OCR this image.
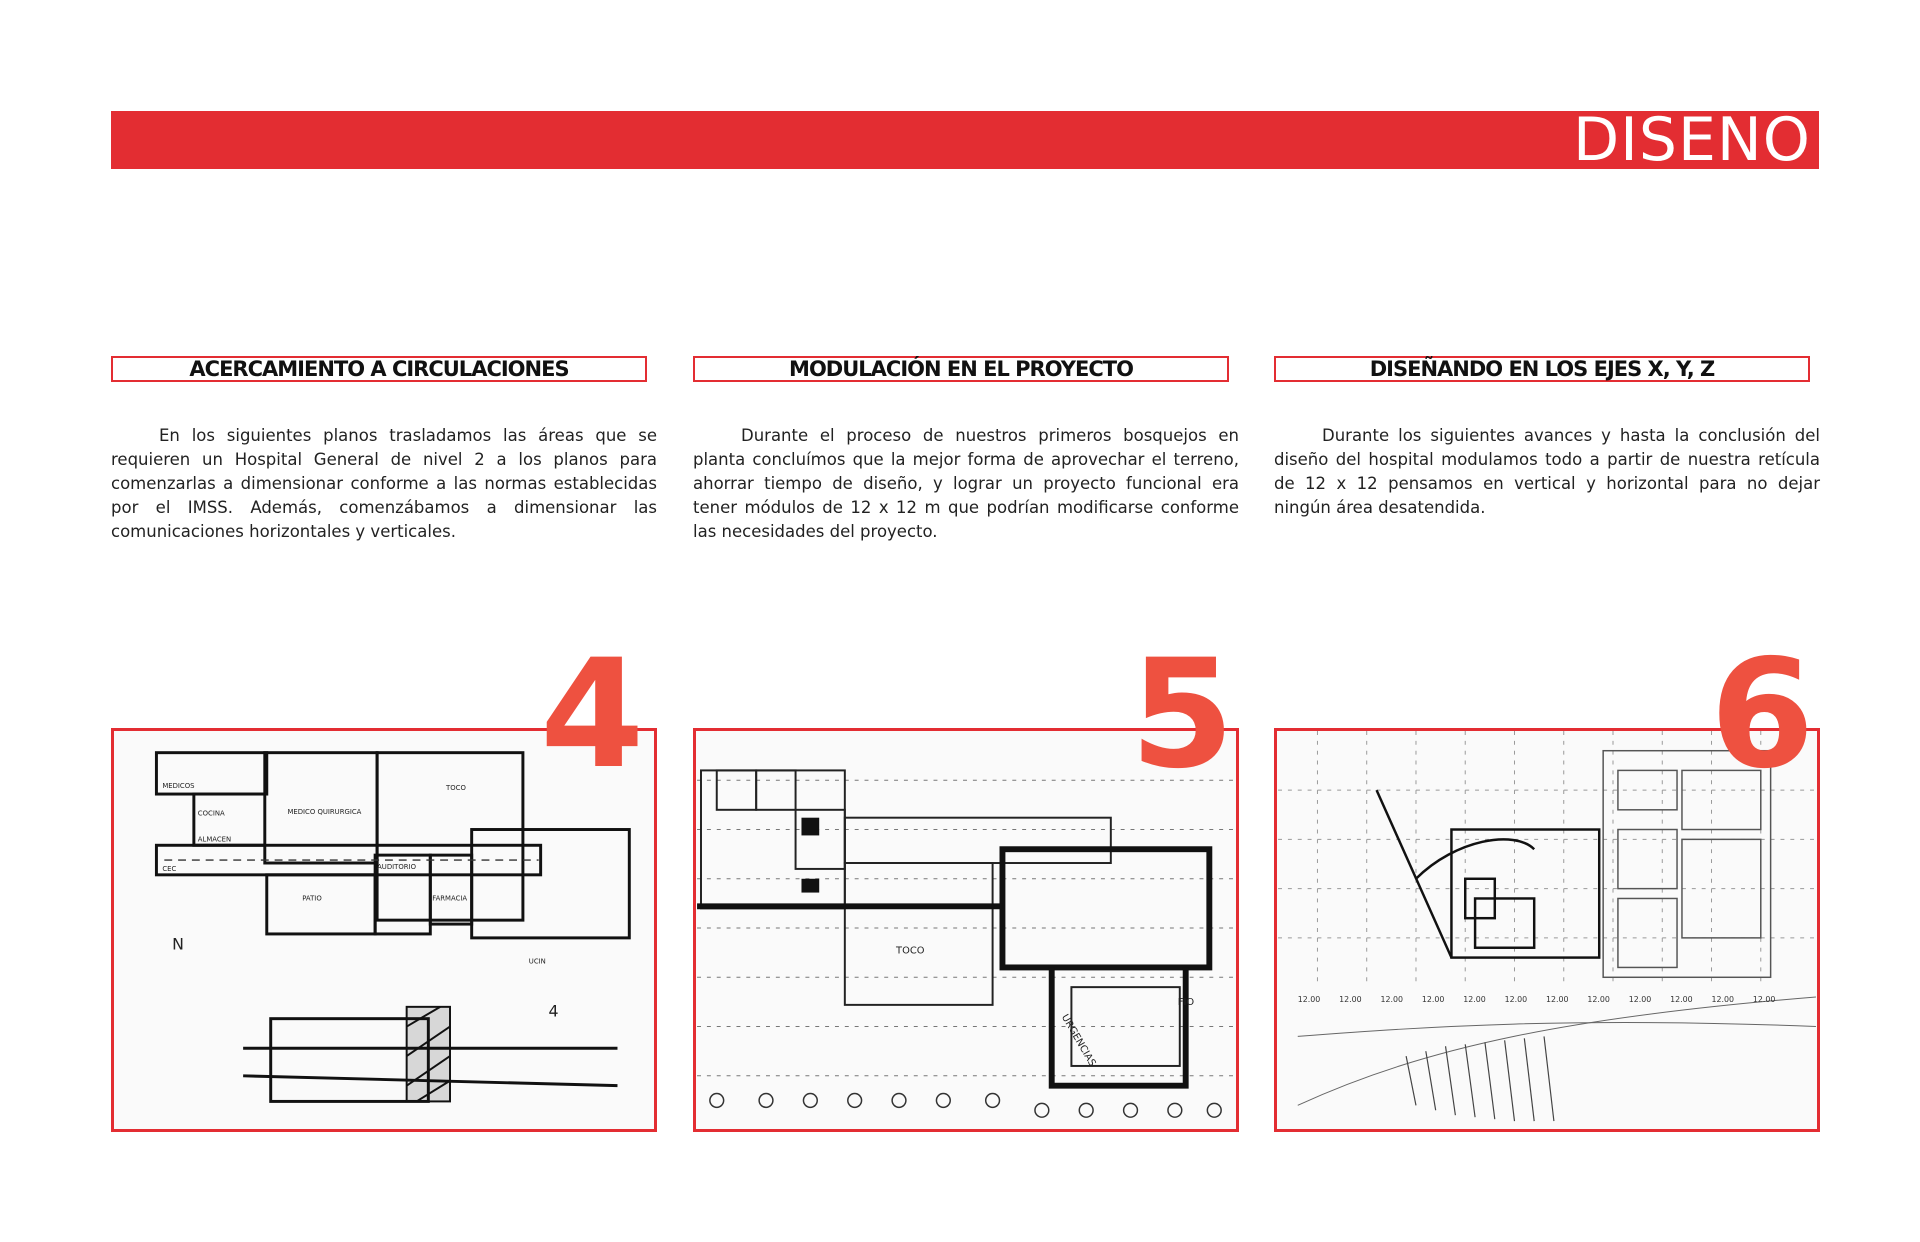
DISEÑO
ACERCAMIENTO A CIRCULACIONES

En los siguientes planos trasladamos las áreas que se requieren un Hospital General de nivel 2 a los planos para comenzarlas a dimensionar conforme a las normas establecidas por el IMSS. Además, comenzábamos a dimensionar las comunicaciones horizontales y verticales.

MEDICOS
MEDICO QUIRURGICA
ALMACEN
COCINA
CEC
PATIO
TOCO
UCIN
AUDITORIO
FARMACIA
N
4
4
MODULACIÓN EN EL PROYECTO

Durante el proceso de nuestros primeros bosquejos en planta concluímos que la mejor forma de aprovechar el terreno, ahorrar tiempo de diseño, y lograr un proyecto funcional era tener módulos de 12 x 12 m que podrían modificarse conforme las necesidades del proyecto.

TOCO
URGENCIAS
FIO
5
DISEÑANDO EN LOS EJES X, Y, Z

Durante los siguientes avances y hasta la conclusión del diseño del hospital modulamos todo a partir de nuestra retícula de 12 x 12 pensamos en vertical y horizontal para no dejar ningún área desatendida.

12.00 12.00 12.00 12.00 12.00 12.00 12.00 12.00 12.00 12.00 12.00 12.00
6
